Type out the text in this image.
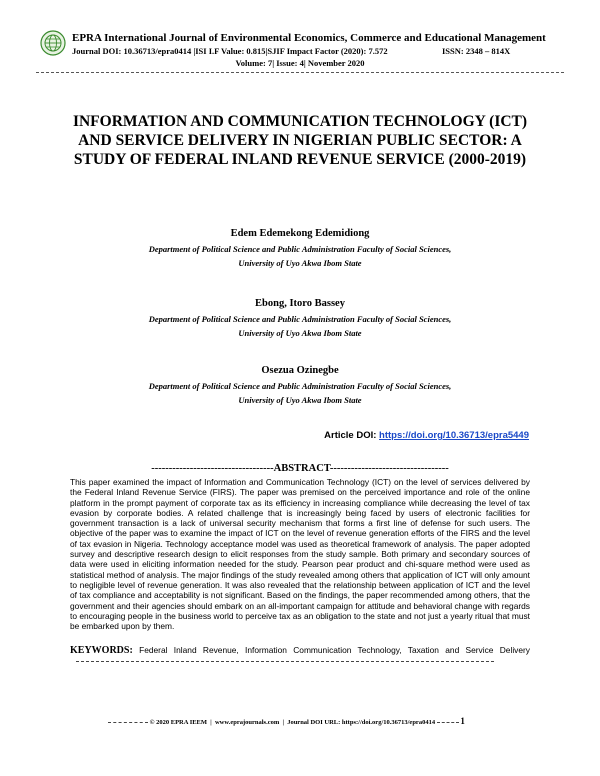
EPRA International Journal of Environmental Economics, Commerce and Educational Management
Journal DOI: 10.36713/epra0414 |ISI I.F Value: 0.815|SJIF Impact Factor (2020): 7.572	ISSN: 2348 – 814X
Volume: 7| Issue: 4| November 2020
INFORMATION AND COMMUNICATION TECHNOLOGY (ICT) AND SERVICE DELIVERY IN NIGERIAN PUBLIC SECTOR: A STUDY OF FEDERAL INLAND REVENUE SERVICE (2000-2019)
Edem Edemekong Edemidiong
Department of Political Science and Public Administration Faculty of Social Sciences,
University of Uyo Akwa Ibom State
Ebong, Itoro Bassey
Department of Political Science and Public Administration Faculty of Social Sciences,
University of Uyo Akwa Ibom State
Osezua Ozinegbe
Department of Political Science and Public Administration Faculty of Social Sciences,
University of Uyo Akwa Ibom State
Article DOI: https://doi.org/10.36713/epra5449
-----------------------------------ABSTRACT----------------------------------
This paper examined the impact of Information and Communication Technology (ICT) on the level of services delivered by the Federal Inland Revenue Service (FIRS). The paper was premised on the perceived importance and role of the online platform in the prompt payment of corporate tax as its efficiency in increasing compliance while decreasing the level of tax evasion by corporate bodies. A related challenge that is increasingly being faced by users of electronic facilities for government transaction is a lack of universal security mechanism that forms a first line of defense for such users. The objective of the paper was to examine the impact of ICT on the level of revenue generation efforts of the FIRS and the level of tax evasion in Nigeria. Technology acceptance model was used as theoretical framework of analysis. The paper adopted survey and descriptive research design to elicit responses from the study sample. Both primary and secondary sources of data were used in eliciting information needed for the study. Pearson pear product and chi-square method were used as statistical method of analysis. The major findings of the study revealed among others that application of ICT will only amount to negligible level of revenue generation. It was also revealed that the relationship between application of ICT and the level of tax compliance and acceptability is not significant. Based on the findings, the paper recommended among others, that the government and their agencies should embark on an all-important campaign for attitude and behavioral change with regards to encouraging people in the business world to perceive tax as an obligation to the state and not just a yearly ritual that must be embarked upon by them.
KEYWORDS: Federal Inland Revenue, Information Communication Technology, Taxation and Service Delivery
© 2020 EPRA IEEM | www.eprajournals.com | Journal DOI URL: https://doi.org/10.36713/epra0414	1
